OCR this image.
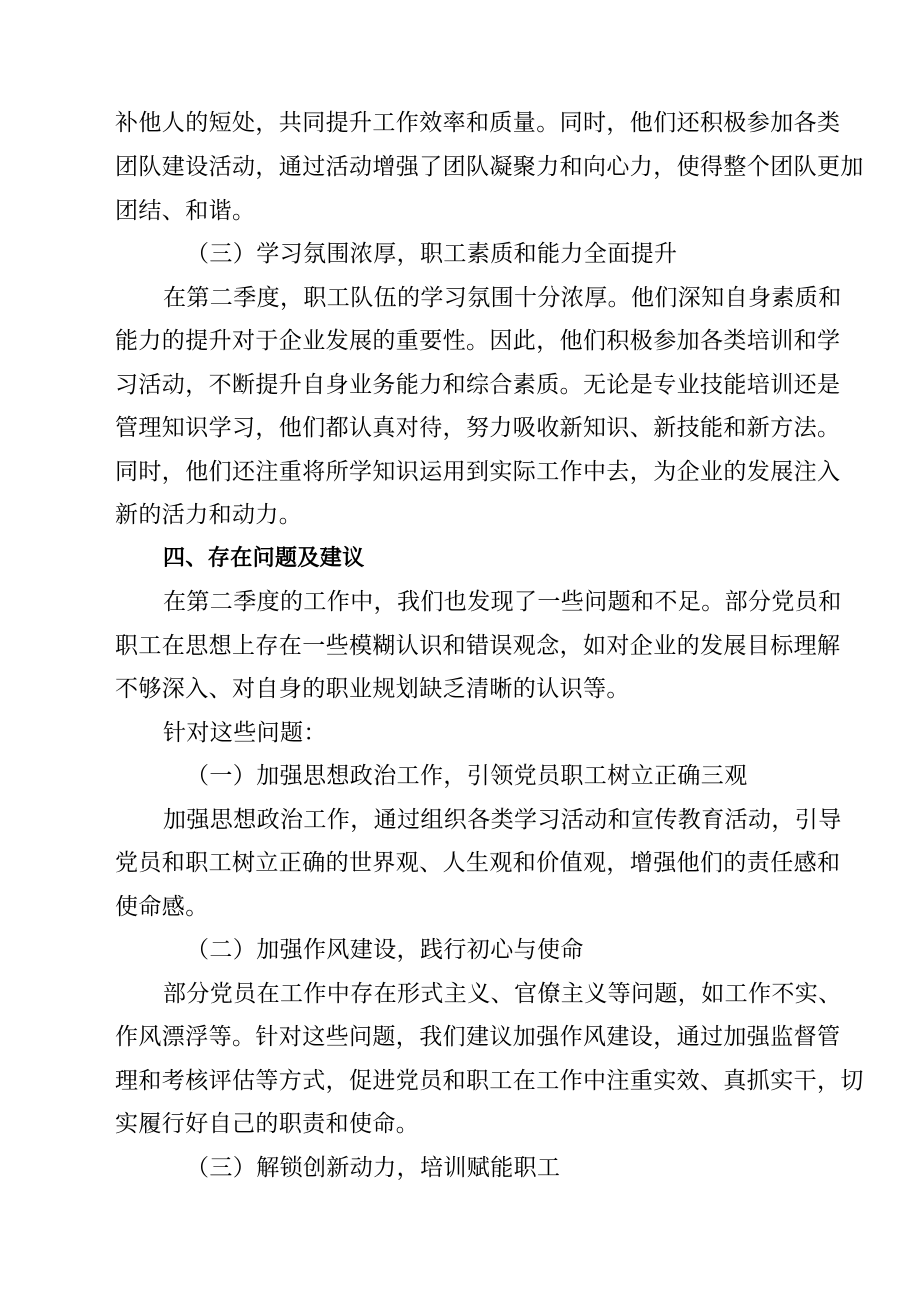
补他人的短处，共同提升工作效率和质量。同时，他们还积极参加各类
团队建设活动，通过活动增强了团队凝聚力和向心力，使得整个团队更加
团结、和谐。
（三）学习氛围浓厚，职工素质和能力全面提升
在第二季度，职工队伍的学习氛围十分浓厚。他们深知自身素质和
能力的提升对于企业发展的重要性。因此，他们积极参加各类培训和学
习活动，不断提升自身业务能力和综合素质。无论是专业技能培训还是
管理知识学习，他们都认真对待，努力吸收新知识、新技能和新方法。
同时，他们还注重将所学知识运用到实际工作中去，为企业的发展注入
新的活力和动力。
四、存在问题及建议
在第二季度的工作中，我们也发现了一些问题和不足。部分党员和
职工在思想上存在一些模糊认识和错误观念，如对企业的发展目标理解
不够深入、对自身的职业规划缺乏清晰的认识等。
针对这些问题：
（一）加强思想政治工作，引领党员职工树立正确三观
加强思想政治工作，通过组织各类学习活动和宣传教育活动，引导
党员和职工树立正确的世界观、人生观和价值观，增强他们的责任感和
使命感。
（二）加强作风建设，践行初心与使命
部分党员在工作中存在形式主义、官僚主义等问题，如工作不实、
作风漂浮等。针对这些问题，我们建议加强作风建设，通过加强监督管
理和考核评估等方式，促进党员和职工在工作中注重实效、真抓实干，切
实履行好自己的职责和使命。
（三）解锁创新动力，培训赋能职工
